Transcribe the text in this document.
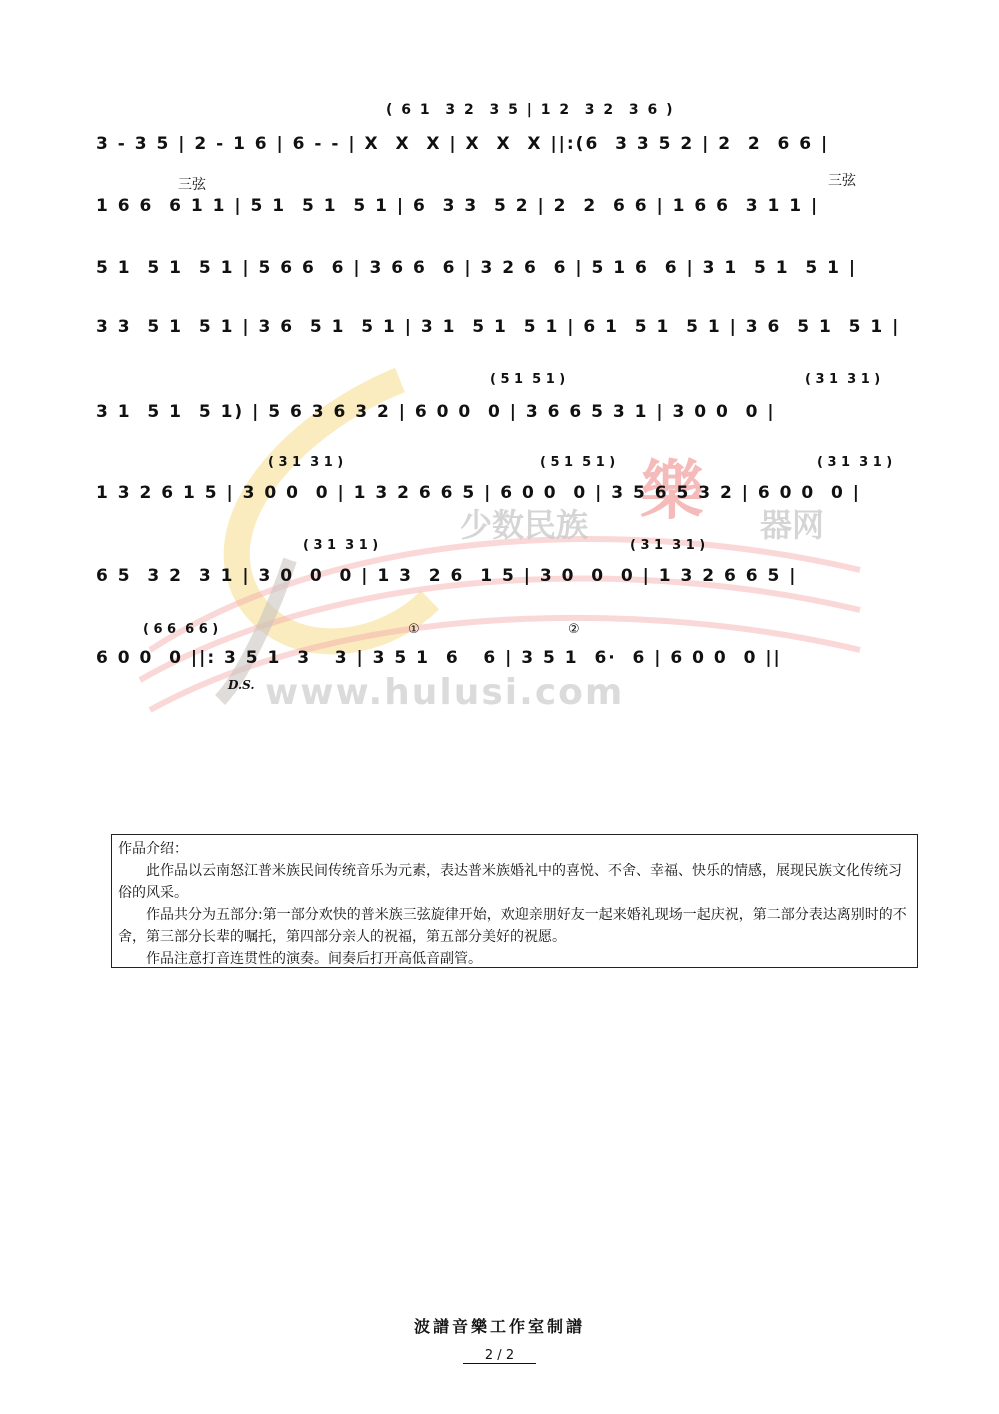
少数民族 樂 器网
www.hulusi.com
( 6 1  3 2  3 5 | 1 2  3 2  3 6 )
三弦	三弦
( 5 1  5 1 )	( 3 1  3 1 )
( 3 1  3 1 )	( 5 1  5 1 )	( 3 1  3 1 )
( 3 1  3 1 )	( 3 1  3 1 )
( 6 6  6 6 )	①	②
D.S.
3 - 3 5 | 2 - 1 6 | 6 - - | X  X  X | X  X  X ||:(6  3 3 5 2 | 2  2  6 6 |
1 6 6  6 1 1 | 5 1  5 1  5 1 | 6  3 3  5 2 | 2  2  6 6 | 1 6 6  3 1 1 |
5 1  5 1  5 1 | 5 6 6  6 | 3 6 6  6 | 3 2 6  6 | 5 1 6  6 | 3 1  5 1  5 1 |
3 3  5 1  5 1 | 3 6  5 1  5 1 | 3 1  5 1  5 1 | 6 1  5 1  5 1 | 3 6  5 1  5 1 |
3 1  5 1  5 1) | 5 6 3 6 3 2 | 6 0 0  0 | 3 6 6 5 3 1 | 3 0 0  0 |
1 3 2 6 1 5 | 3 0 0  0 | 1 3 2 6 6 5 | 6 0 0  0 | 3 5 6 5 3 2 | 6 0 0  0 |
6 5  3 2  3 1 | 3 0  0  0 | 1 3  2 6  1 5 | 3 0  0  0 | 1 3 2 6 6 5 |
6 0 0  0 ||: 3 5 1  3   3 | 3 5 1  6   6 | 3 5 1  6·  6 | 6 0 0  0 ||

作品介绍：

此作品以云南怒江普米族民间传统音乐为元素，表达普米族婚礼中的喜悦、不舍、幸福、快乐的情感，展现民族文化传统习俗的风采。

作品共分为五部分:第一部分欢快的普米族三弦旋律开始，欢迎亲朋好友一起来婚礼现场一起庆祝，第二部分表达离别时的不舍，第三部分长辈的嘱托，第四部分亲人的祝福，第五部分美好的祝愿。

作品注意打音连贯性的演奏。间奏后打开高低音副管。

波譜音樂工作室制譜
2 / 2
